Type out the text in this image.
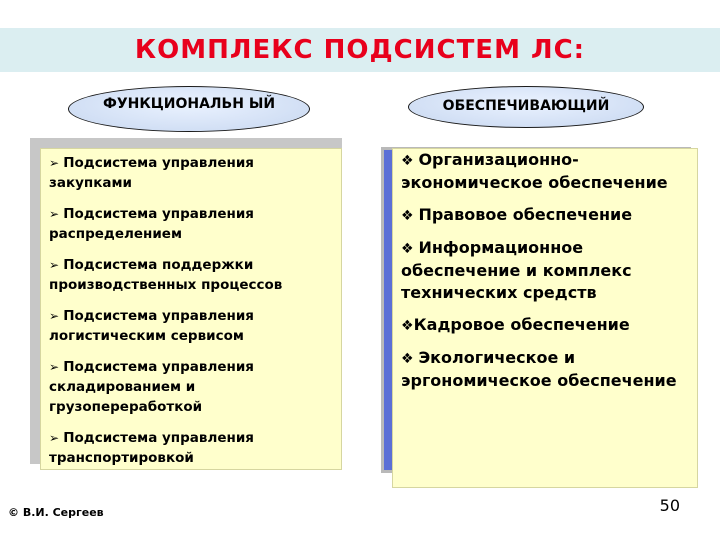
КОМПЛЕКС ПОДСИСТЕМ ЛС:
ФУНКЦИОНАЛЬН ЫЙ	ОБЕСПЕЧИВАЮЩИЙ
➢ Подсистема управления закупками
➢ Подсистема управления распределением
➢ Подсистема поддержки производственных процессов
➢ Подсистема управления логистическим сервисом
➢ Подсистема управления складированием и грузопереработкой
➢ Подсистема управления транспортировкой
❖ Организационно-экономическое обеспечение
❖ Правовое обеспечение
❖ Информационное обеспечение и комплекс технических средств
❖Кадровое обеспечение
❖ Экологическое и эргономическое обеспечение
© В.И. Сергеев	50
